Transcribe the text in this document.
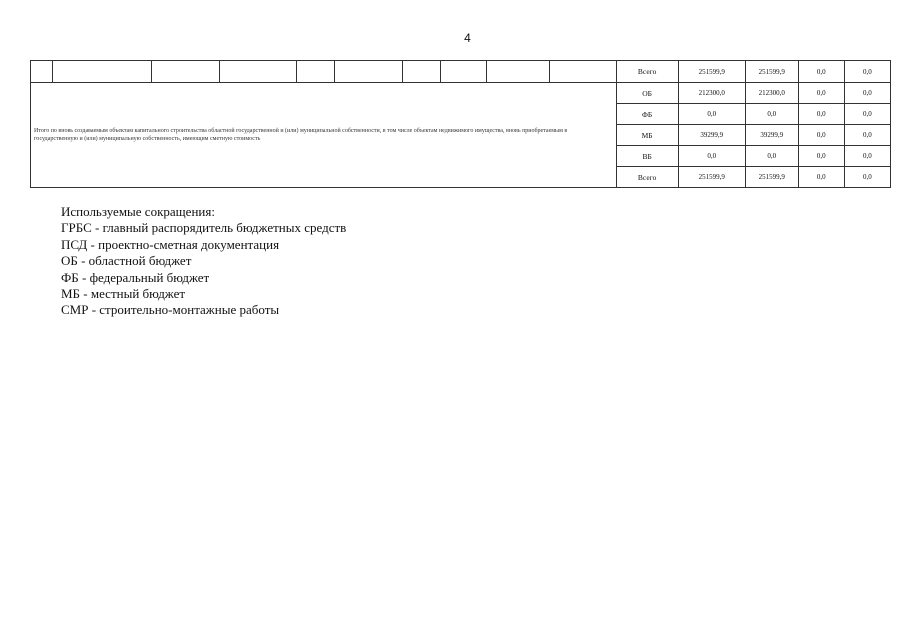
4
										Всего	251599,9	251599,9	0,0	0,0
Итого по вновь создаваемым объектам капитального строительства областной государственной и (или) муниципальной собственности, в том числе объектам недвижимого имущества, вновь приобретаемым в государственную и (или) муниципальную собственность, имеющим сметную стоимость										ОБ	212300,0	212300,0	0,0	0,0
										ФБ	0,0	0,0	0,0	0,0
										МБ	39299,9	39299,9	0,0	0,0
										ВБ	0,0	0,0	0,0	0,0
										Всего	251599,9	251599,9	0,0	0,0
Используемые сокращения:
ГРБС - главный распорядитель бюджетных средств
ПСД - проектно-сметная документация
ОБ - областной бюджет
ФБ - федеральный бюджет
МБ - местный бюджет
СМР - строительно-монтажные работы
